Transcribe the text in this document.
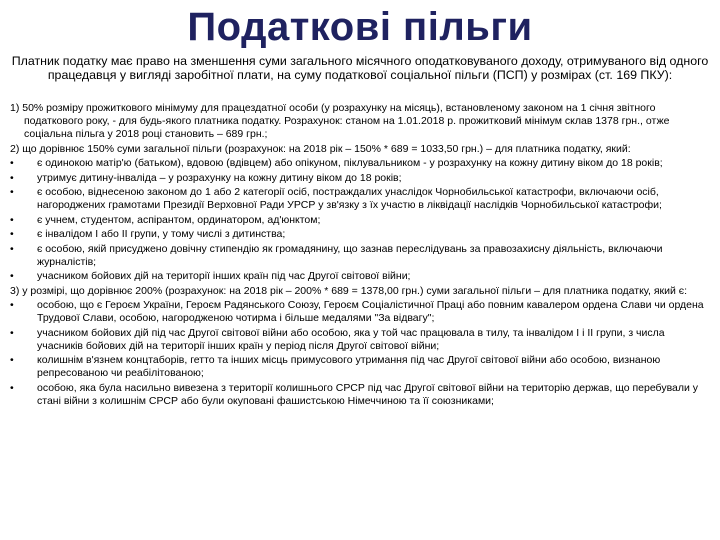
Податкові пільги
Платник податку має право на зменшення суми загального місячного оподатковуваного доходу, отримуваного від одного працедавця у вигляді заробітної плати, на суму податкової соціальної пільги (ПСП) у розмірах (ст. 169 ПКУ):
1) 50% розміру прожиткового мінімуму для працездатної особи (у розрахунку на місяць), встановленому законом на 1 січня звітного податкового року, - для будь-якого платника податку. Розрахунок: станом на 1.01.2018 р. прожитковий мінімум склав 1378 грн., отже соціальна пільга у 2018 році становить – 689 грн.;
2) що дорівнює 150% суми загальної пільги (розрахунок: на 2018 рік – 150% * 689 = 1033,50 грн.) – для платника податку, який:
•	є одинокою матір'ю (батьком), вдовою (вдівцем) або опікуном, піклувальником - у розрахунку на кожну дитину віком до 18 років;
•	утримує дитину-інваліда – у розрахунку на кожну дитину віком до 18 років;
•	є особою, віднесеною законом до 1 або 2 категорії осіб, постраждалих унаслідок Чорнобильської катастрофи, включаючи осіб, нагороджених грамотами Президії Верховної Ради УРСР у зв'язку з їх участю в ліквідації наслідків Чорнобильської катастрофи;
•	є учнем, студентом, аспірантом, ординатором, ад'юнктом;
•	є інвалідом І або ІІ групи, у тому числі з дитинства;
•	є особою, якій присуджено довічну стипендію як громадянину, що зазнав переслідувань за правозахисну діяльність, включаючи журналістів;
•	учасником бойових дій на території інших країн під час Другої світової війни;
3) у розмірі, що дорівнює 200% (розрахунок: на 2018 рік – 200% * 689 = 1378,00 грн.) суми загальної пільги – для платника податку, який є:
•	особою, що є Героєм України, Героєм Радянського Союзу, Героєм Соціалістичної Праці або повним кавалером ордена Слави чи ордена Трудової Слави, особою, нагородженою чотирма і більше медалями "За відвагу";
•	учасником бойових дій під час Другої світової війни або особою, яка у той час працювала в тилу, та інвалідом І і ІІ групи, з числа учасників бойових дій на території інших країн у період після Другої світової війни;
•	колишнім в'язнем концтаборів, гетто та інших місць примусового утримання під час Другої світової війни або особою, визнаною репресованою чи реабілітованою;
•	особою, яка була насильно вивезена з території колишнього СРСР під час Другої світової війни на територію держав, що перебували у стані війни з колишнім СРСР або були окуповані фашистською Німеччиною та її союзниками;
